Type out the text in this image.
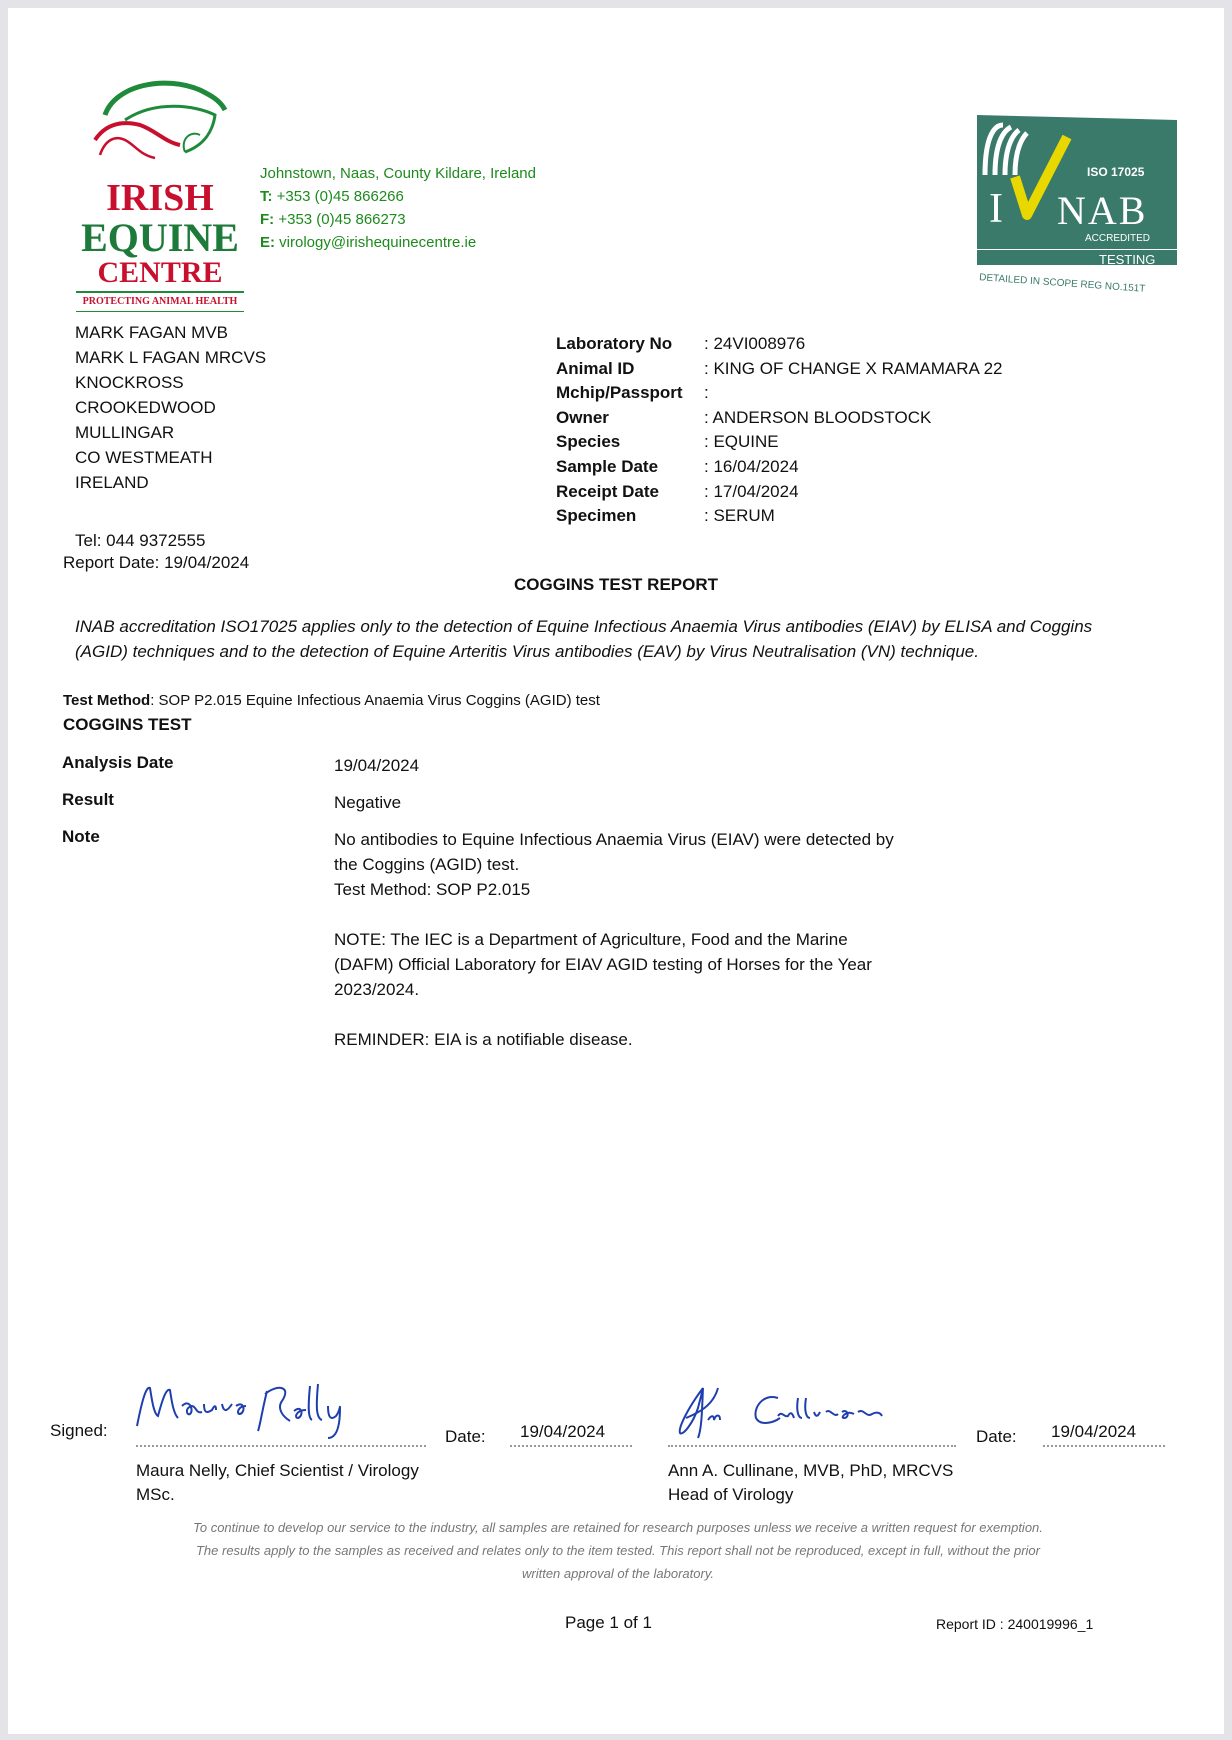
IRISH
EQUINE
CENTRE
PROTECTING ANIMAL HEALTH
Johnstown, Naas, County Kildare, Ireland
T: +353 (0)45 866266
F: +353 (0)45 866273
E: virology@irishequinecentre.ie
ISO 17025
I NAB
ACCREDITED
TESTING
DETAILED IN SCOPE REG NO.151T
MARK FAGAN MVB
MARK L FAGAN MRCVS
KNOCKROSS
CROOKEDWOOD
MULLINGAR
CO WESTMEATH
IRELAND
Tel: 044 9372555
Report Date: 19/04/2024
Laboratory No	: 24VI008976
Animal ID	: KING OF CHANGE X RAMAMARA 22
Mchip/Passport	:
Owner	: ANDERSON BLOODSTOCK
Species	: EQUINE
Sample Date	: 16/04/2024
Receipt Date	: 17/04/2024
Specimen	: SERUM
COGGINS TEST REPORT
INAB accreditation ISO17025 applies only to the detection of Equine Infectious Anaemia Virus antibodies (EIAV) by ELISA and Coggins (AGID) techniques and to the detection of Equine Arteritis Virus antibodies (EAV) by Virus Neutralisation (VN) technique.
Test Method: SOP P2.015 Equine Infectious Anaemia Virus Coggins (AGID) test
COGGINS TEST
Analysis Date	19/04/2024
Result	Negative
Note	No antibodies to Equine Infectious Anaemia Virus (EIAV) were detected by
the Coggins (AGID) test.
Test Method: SOP P2.015
NOTE: The IEC is a Department of Agriculture, Food and the Marine
(DAFM) Official Laboratory for EIAV AGID testing of Horses for the Year
2023/2024.
REMINDER: EIA is a notifiable disease.
Signed:	Date: 19/04/2024
Maura Nelly, Chief Scientist / Virology
MSc.
Date: 19/04/2024
Ann A. Cullinane, MVB, PhD, MRCVS
Head of Virology
To continue to develop our service to the industry, all samples are retained for research purposes unless we receive a written request for exemption.
The results apply to the samples as received and relates only to the item tested. This report shall not be reproduced, except in full, without the prior
written approval of the laboratory.
Page 1 of 1	Report ID : 240019996_1
